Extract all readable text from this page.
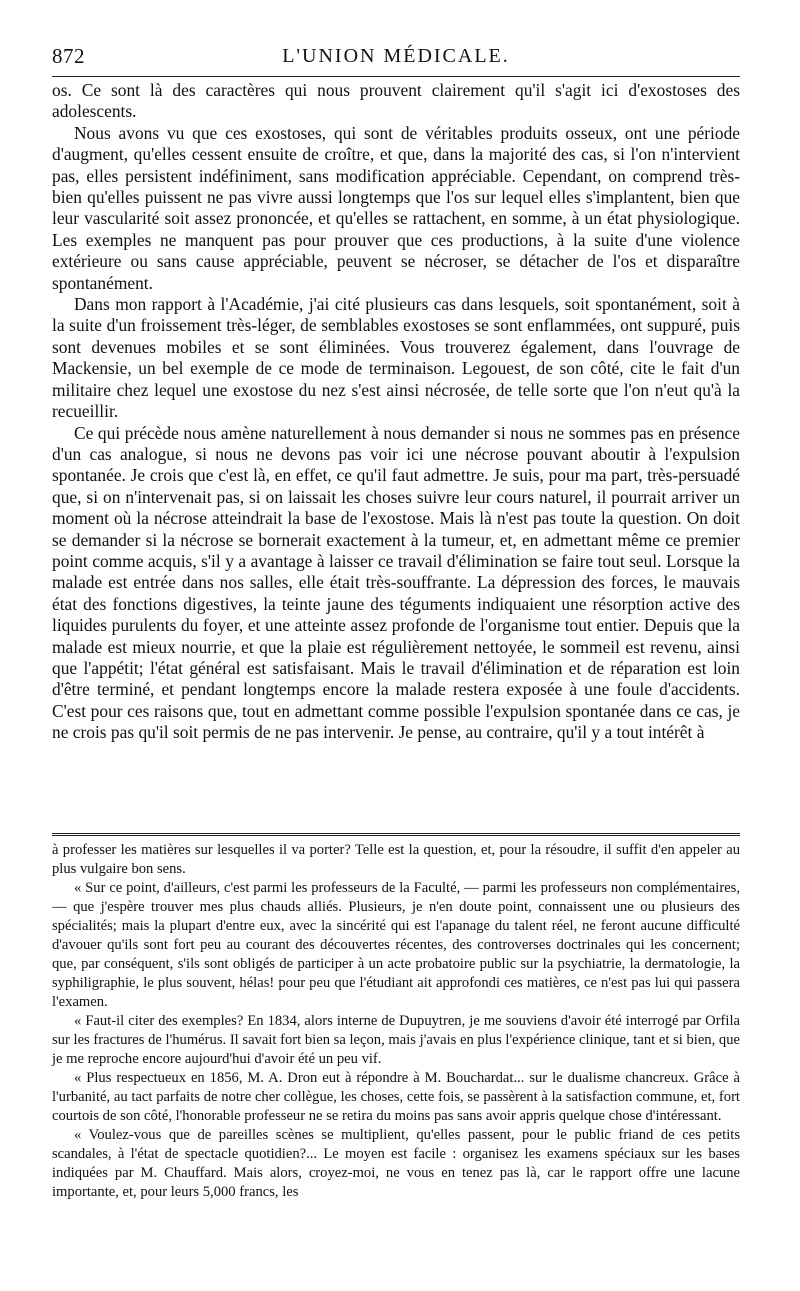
872	L'UNION MÉDICALE.

os. Ce sont là des caractères qui nous prouvent clairement qu'il s'agit ici d'exostoses des adolescents.

Nous avons vu que ces exostoses, qui sont de véritables produits osseux, ont une période d'augment, qu'elles cessent ensuite de croître, et que, dans la majorité des cas, si l'on n'intervient pas, elles persistent indéfiniment, sans modification appréciable. Cependant, on comprend très-bien qu'elles puissent ne pas vivre aussi longtemps que l'os sur lequel elles s'implantent, bien que leur vascularité soit assez prononcée, et qu'elles se rattachent, en somme, à un état physiologique. Les exemples ne manquent pas pour prouver que ces productions, à la suite d'une violence extérieure ou sans cause appréciable, peuvent se nécroser, se détacher de l'os et disparaître spontanément.

Dans mon rapport à l'Académie, j'ai cité plusieurs cas dans lesquels, soit spontanément, soit à la suite d'un froissement très-léger, de semblables exostoses se sont enflammées, ont suppuré, puis sont devenues mobiles et se sont éliminées. Vous trouverez également, dans l'ouvrage de Mackensie, un bel exemple de ce mode de terminaison. Legouest, de son côté, cite le fait d'un militaire chez lequel une exostose du nez s'est ainsi nécrosée, de telle sorte que l'on n'eut qu'à la recueillir.

Ce qui précède nous amène naturellement à nous demander si nous ne sommes pas en présence d'un cas analogue, si nous ne devons pas voir ici une nécrose pouvant aboutir à l'expulsion spontanée. Je crois que c'est là, en effet, ce qu'il faut admettre. Je suis, pour ma part, très-persuadé que, si on n'intervenait pas, si on laissait les choses suivre leur cours naturel, il pourrait arriver un moment où la nécrose atteindrait la base de l'exostose. Mais là n'est pas toute la question. On doit se demander si la nécrose se bornerait exactement à la tumeur, et, en admettant même ce premier point comme acquis, s'il y a avantage à laisser ce travail d'élimination se faire tout seul. Lorsque la malade est entrée dans nos salles, elle était très-souffrante. La dépression des forces, le mauvais état des fonctions digestives, la teinte jaune des téguments indiquaient une résorption active des liquides purulents du foyer, et une atteinte assez profonde de l'organisme tout entier. Depuis que la malade est mieux nourrie, et que la plaie est régulièrement nettoyée, le sommeil est revenu, ainsi que l'appétit; l'état général est satisfaisant. Mais le travail d'élimination et de réparation est loin d'être terminé, et pendant longtemps encore la malade restera exposée à une foule d'accidents. C'est pour ces raisons que, tout en admettant comme possible l'expulsion spontanée dans ce cas, je ne crois pas qu'il soit permis de ne pas intervenir. Je pense, au contraire, qu'il y a tout intérêt à

à professer les matières sur lesquelles il va porter? Telle est la question, et, pour la résoudre, il suffit d'en appeler au plus vulgaire bon sens.

« Sur ce point, d'ailleurs, c'est parmi les professeurs de la Faculté, — parmi les professeurs non complémentaires, — que j'espère trouver mes plus chauds alliés. Plusieurs, je n'en doute point, connaissent une ou plusieurs des spécialités; mais la plupart d'entre eux, avec la sincérité qui est l'apanage du talent réel, ne feront aucune difficulté d'avouer qu'ils sont fort peu au courant des découvertes récentes, des controverses doctrinales qui les concernent; que, par conséquent, s'ils sont obligés de participer à un acte probatoire public sur la psychiatrie, la dermatologie, la syphiligraphie, le plus souvent, hélas! pour peu que l'étudiant ait approfondi ces matières, ce n'est pas lui qui passera l'examen.

« Faut-il citer des exemples? En 1834, alors interne de Dupuytren, je me souviens d'avoir été interrogé par Orfila sur les fractures de l'humérus. Il savait fort bien sa leçon, mais j'avais en plus l'expérience clinique, tant et si bien, que je me reproche encore aujourd'hui d'avoir été un peu vif.

« Plus respectueux en 1856, M. A. Dron eut à répondre à M. Bouchardat... sur le dualisme chancreux. Grâce à l'urbanité, au tact parfaits de notre cher collègue, les choses, cette fois, se passèrent à la satisfaction commune, et, fort courtois de son côté, l'honorable professeur ne se retira du moins pas sans avoir appris quelque chose d'intéressant.

« Voulez-vous que de pareilles scènes se multiplient, qu'elles passent, pour le public friand de ces petits scandales, à l'état de spectacle quotidien?... Le moyen est facile : organisez les examens spéciaux sur les bases indiquées par M. Chauffard. Mais alors, croyez-moi, ne vous en tenez pas là, car le rapport offre une lacune importante, et, pour leurs 5,000 francs, les
